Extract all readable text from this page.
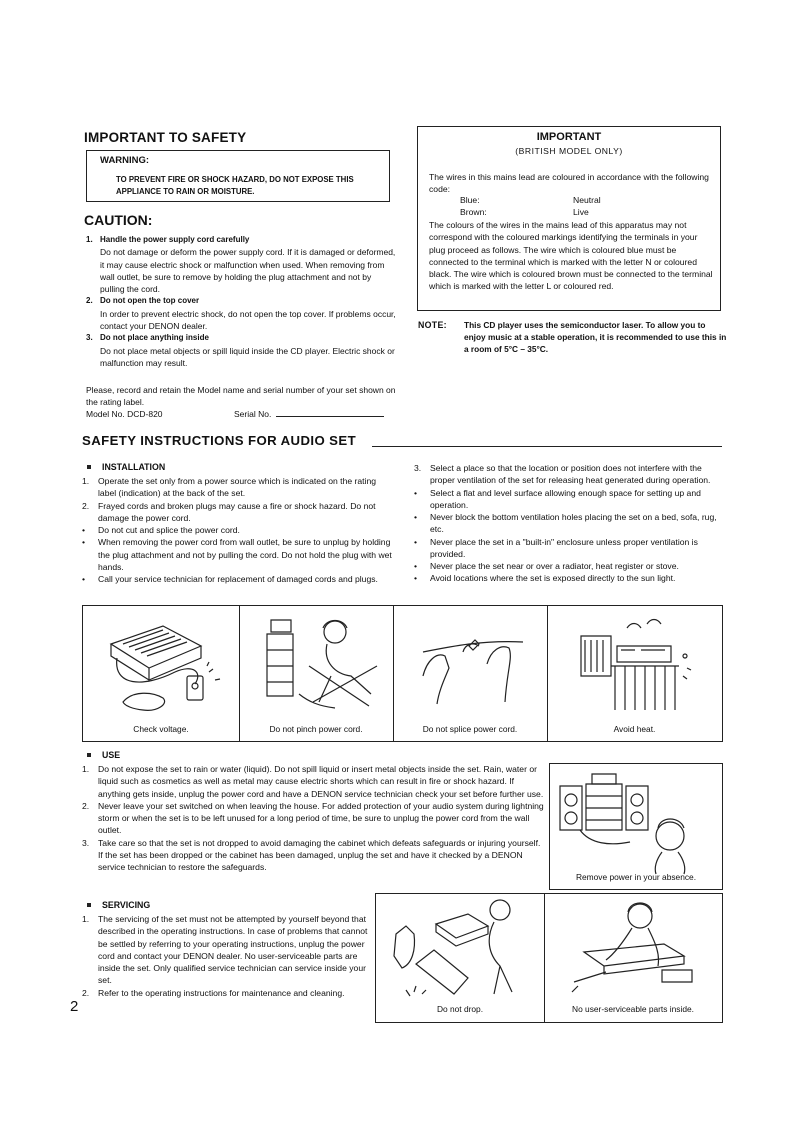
IMPORTANT TO SAFETY
WARNING:
TO PREVENT FIRE OR SHOCK HAZARD, DO NOT EXPOSE THIS APPLIANCE TO RAIN OR MOISTURE.
CAUTION:
1. Handle the power supply cord carefully
Do not damage or deform the power supply cord. If it is damaged or deformed, it may cause electric shock or malfunction when used. When removing from wall outlet, be sure to remove by holding the plug attachment and not by pulling the cord.
2. Do not open the top cover
In order to prevent electric shock, do not open the top cover. If problems occur, contact your DENON dealer.
3. Do not place anything inside
Do not place metal objects or spill liquid inside the CD player. Electric shock or malfunction may result.
Please, record and retain the Model name and serial number of your set shown on the rating label.
Model No. DCD-820	Serial No.
IMPORTANT
(BRITISH MODEL ONLY)
The wires in this mains lead are coloured in accordance with the following code:
Blue:	Neutral
Brown:	Live
The colours of the wires in the mains lead of this apparatus may not correspond with the coloured markings identifying the terminals in your plug proceed as follows. The wire which is coloured blue must be connected to the terminal which is marked with the letter N or coloured black. The wire which is coloured brown must be connected to the terminal which is marked with the letter L or coloured red.
NOTE: This CD player uses the semiconductor laser. To allow you to enjoy music at a stable operation, it is recommended to use this in a room of 5°C – 35°C.
SAFETY INSTRUCTIONS FOR AUDIO SET
INSTALLATION
1.	Operate the set only from a power source which is indicated on the rating label (indication) at the back of the set.
2.	Frayed cords and broken plugs may cause a fire or shock hazard. Do not damage the power cord.
•	Do not cut and splice the power cord.
•	When removing the power cord from wall outlet, be sure to unplug by holding the plug attachment and not by pulling the cord. Do not hold the plug with wet hands.
•	Call your service technician for replacement of damaged cords and plugs.
3.	Select a place so that the location or position does not interfere with the proper ventilation of the set for releasing heat generated during operation.
•	Select a flat and level surface allowing enough space for setting up and operation.
•	Never block the bottom ventilation holes placing the set on a bed, sofa, rug, etc.
•	Never place the set in a "built-in" enclosure unless proper ventilation is provided.
•	Never place the set near or over a radiator, heat register or stove.
•	Avoid locations where the set is exposed directly to the sun light.
Check voltage.	Do not pinch power cord.	Do not splice power cord.	Avoid heat.
USE
1.	Do not expose the set to rain or water (liquid). Do not spill liquid or insert metal objects inside the set. Rain, water or liquid such as cosmetics as well as metal may cause electric shorts which can result in fire or shock hazard. If anything gets inside, unplug the power cord and have a DENON service technician check your set before further use.
2.	Never leave your set switched on when leaving the house. For added protection of your audio system during lightning storm or when the set is to be left unused for a long period of time, be sure to unplug the power cord from the wall outlet.
3.	Take care so that the set is not dropped to avoid damaging the cabinet which defeats safeguards or injuring yourself. If the set has been dropped or the cabinet has been damaged, unplug the set and have it checked by a DENON service technician to restore the safeguards.
Remove power in your absence.
SERVICING
1.	The servicing of the set must not be attempted by yourself beyond that described in the operating instructions. In case of problems that cannot be settled by referring to your operating instructions, unplug the power cord and contact your DENON dealer. No user-serviceable parts are inside the set. Only qualified service technician can service inside your set.
2.	Refer to the operating instructions for maintenance and cleaning.
Do not drop.	No user-serviceable parts inside.
2
